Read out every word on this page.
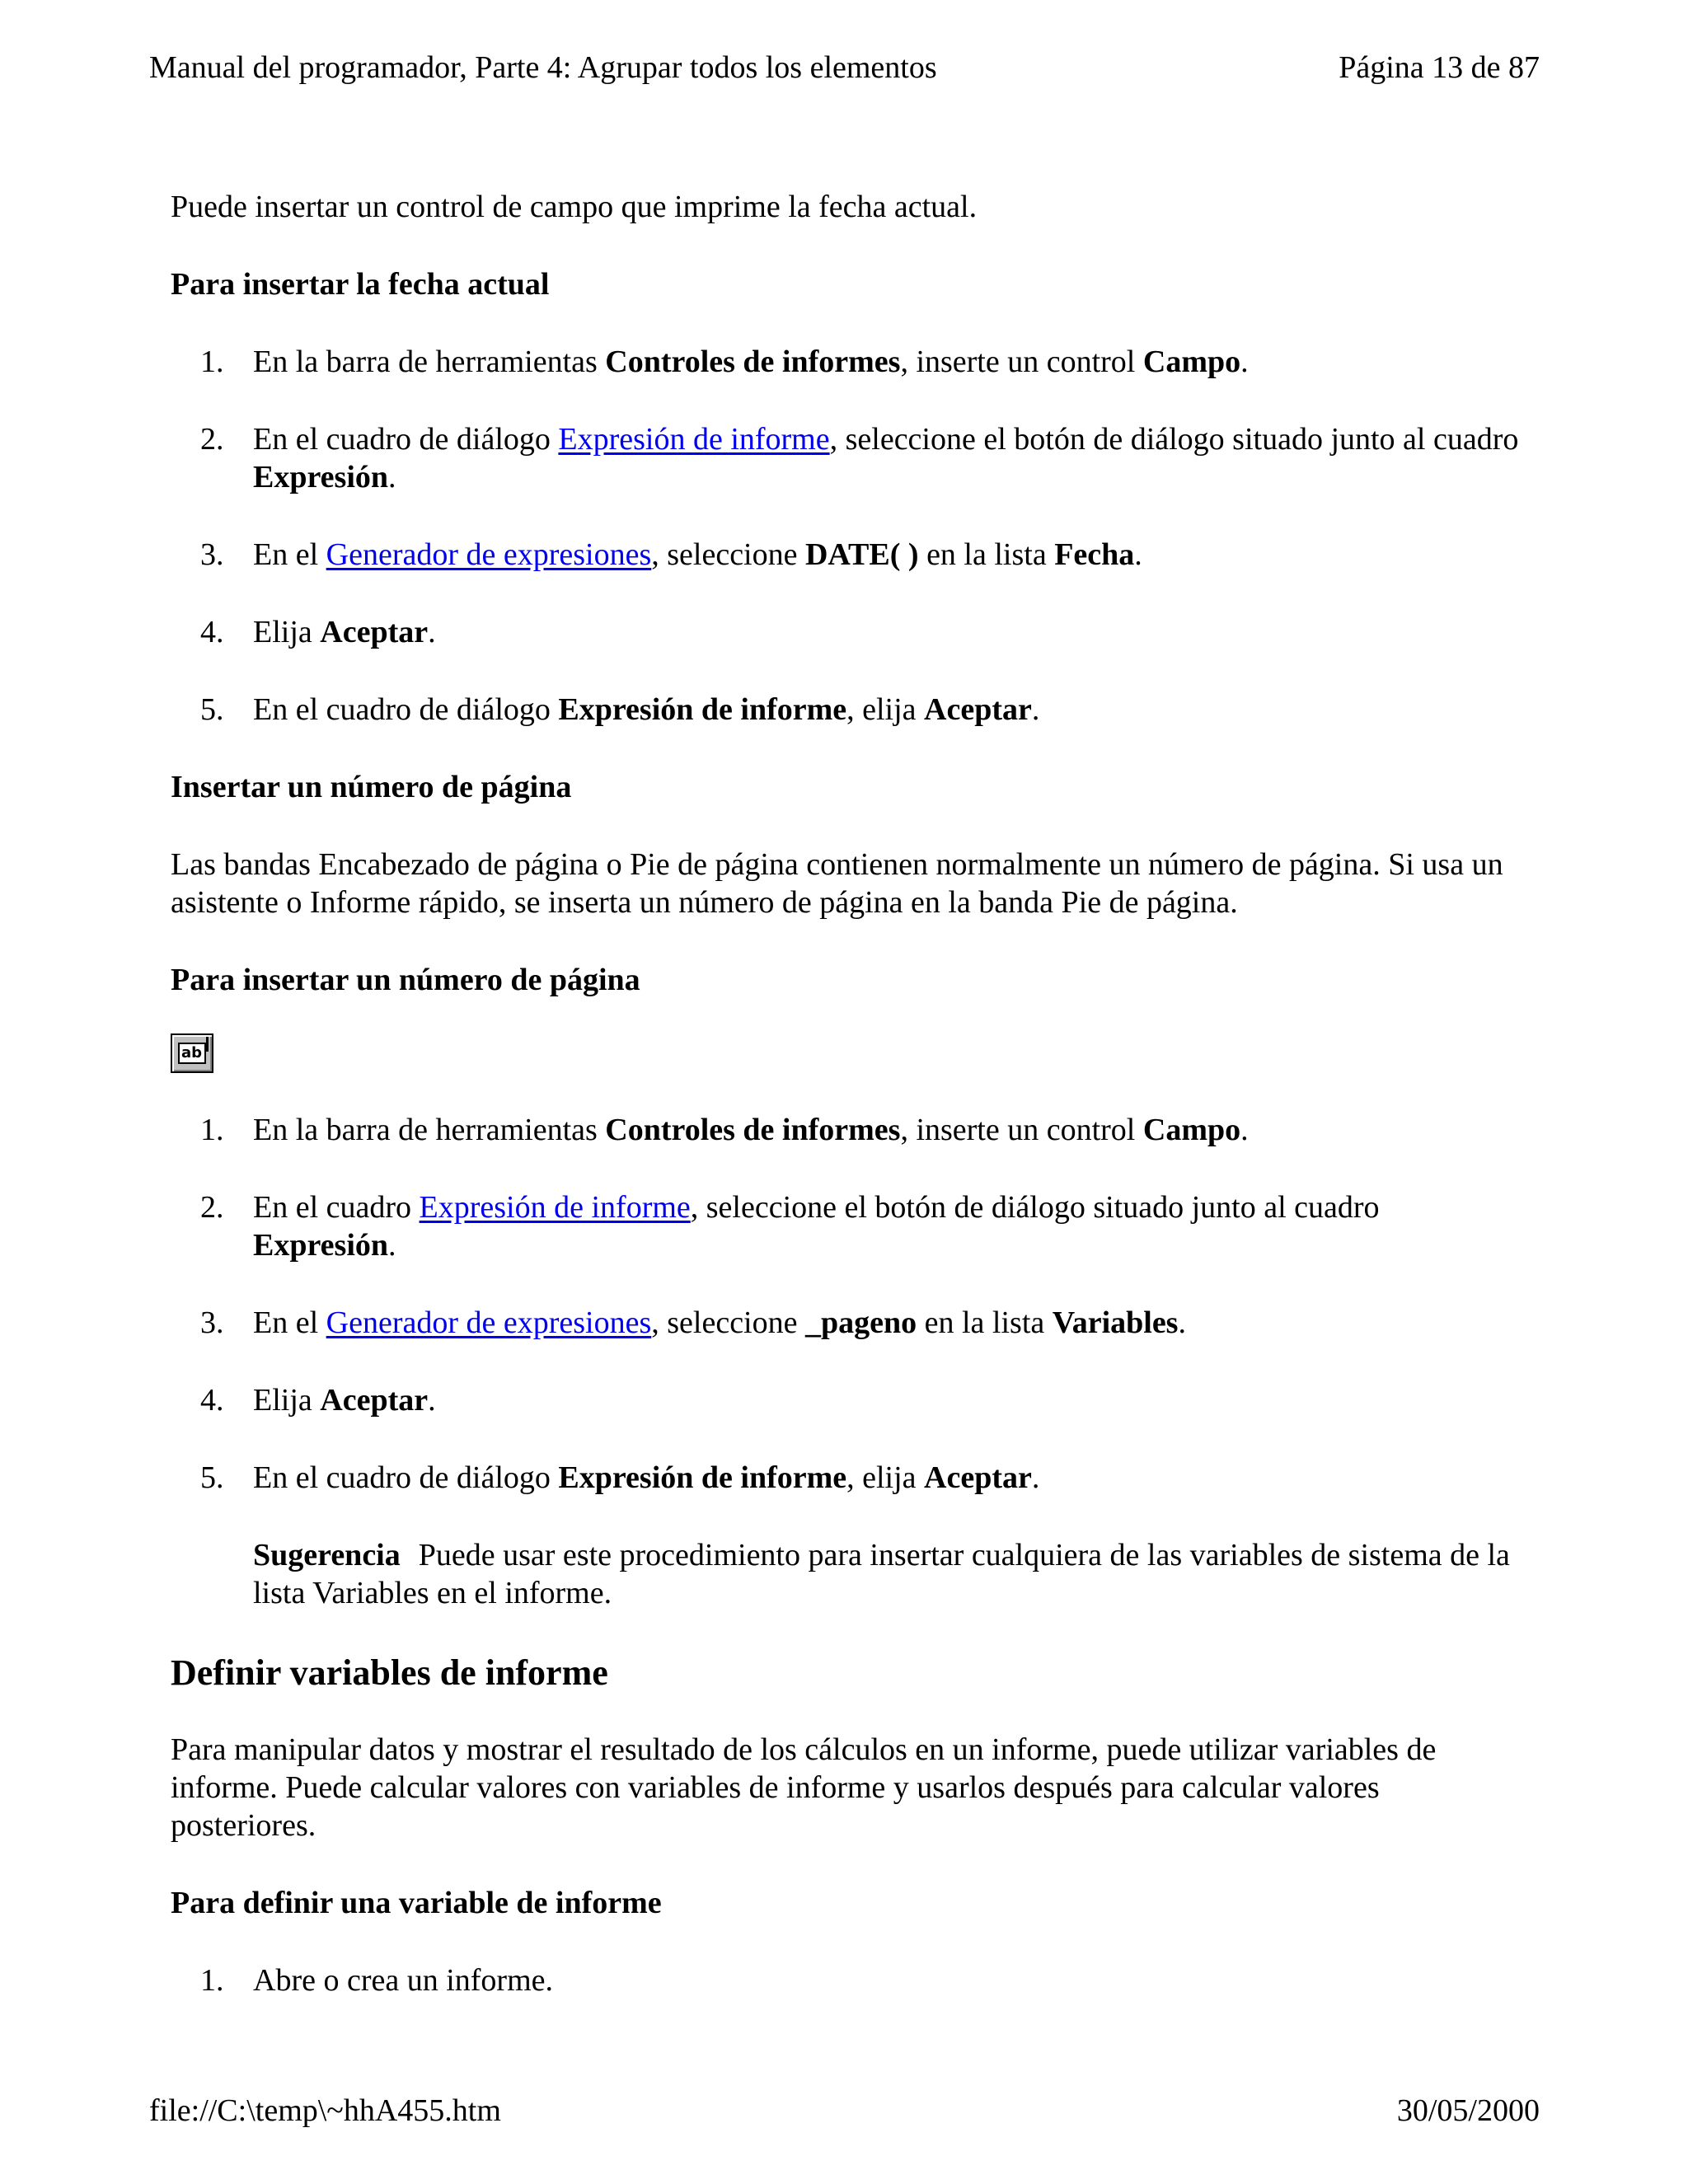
Manual del programador, Parte 4: Agrupar todos los elementos	Página 13 de 87

Puede insertar un control de campo que imprime la fecha actual.

Para insertar la fecha actual

1. En la barra de herramientas Controles de informes, inserte un control Campo.
2. En el cuadro de diálogo Expresión de informe, seleccione el botón de diálogo situado junto al cuadro Expresión.
3. En el Generador de expresiones, seleccione DATE( ) en la lista Fecha.
4. Elija Aceptar.
5. En el cuadro de diálogo Expresión de informe, elija Aceptar.

Insertar un número de página

Las bandas Encabezado de página o Pie de página contienen normalmente un número de página. Si usa un asistente o Informe rápido, se inserta un número de página en la banda Pie de página.

Para insertar un número de página

ab
1. En la barra de herramientas Controles de informes, inserte un control Campo.
2. En el cuadro Expresión de informe, seleccione el botón de diálogo situado junto al cuadro Expresión.
3. En el Generador de expresiones, seleccione _pageno en la lista Variables.
4. Elija Aceptar.
5. En el cuadro de diálogo Expresión de informe, elija Aceptar.

Sugerencia Puede usar este procedimiento para insertar cualquiera de las variables de sistema de la lista Variables en el informe.

Definir variables de informe

Para manipular datos y mostrar el resultado de los cálculos en un informe, puede utilizar variables de informe. Puede calcular valores con variables de informe y usarlos después para calcular valores posteriores.

Para definir una variable de informe

1. Abre o crea un informe.
file://C:\temp\~hhA455.htm	30/05/2000
